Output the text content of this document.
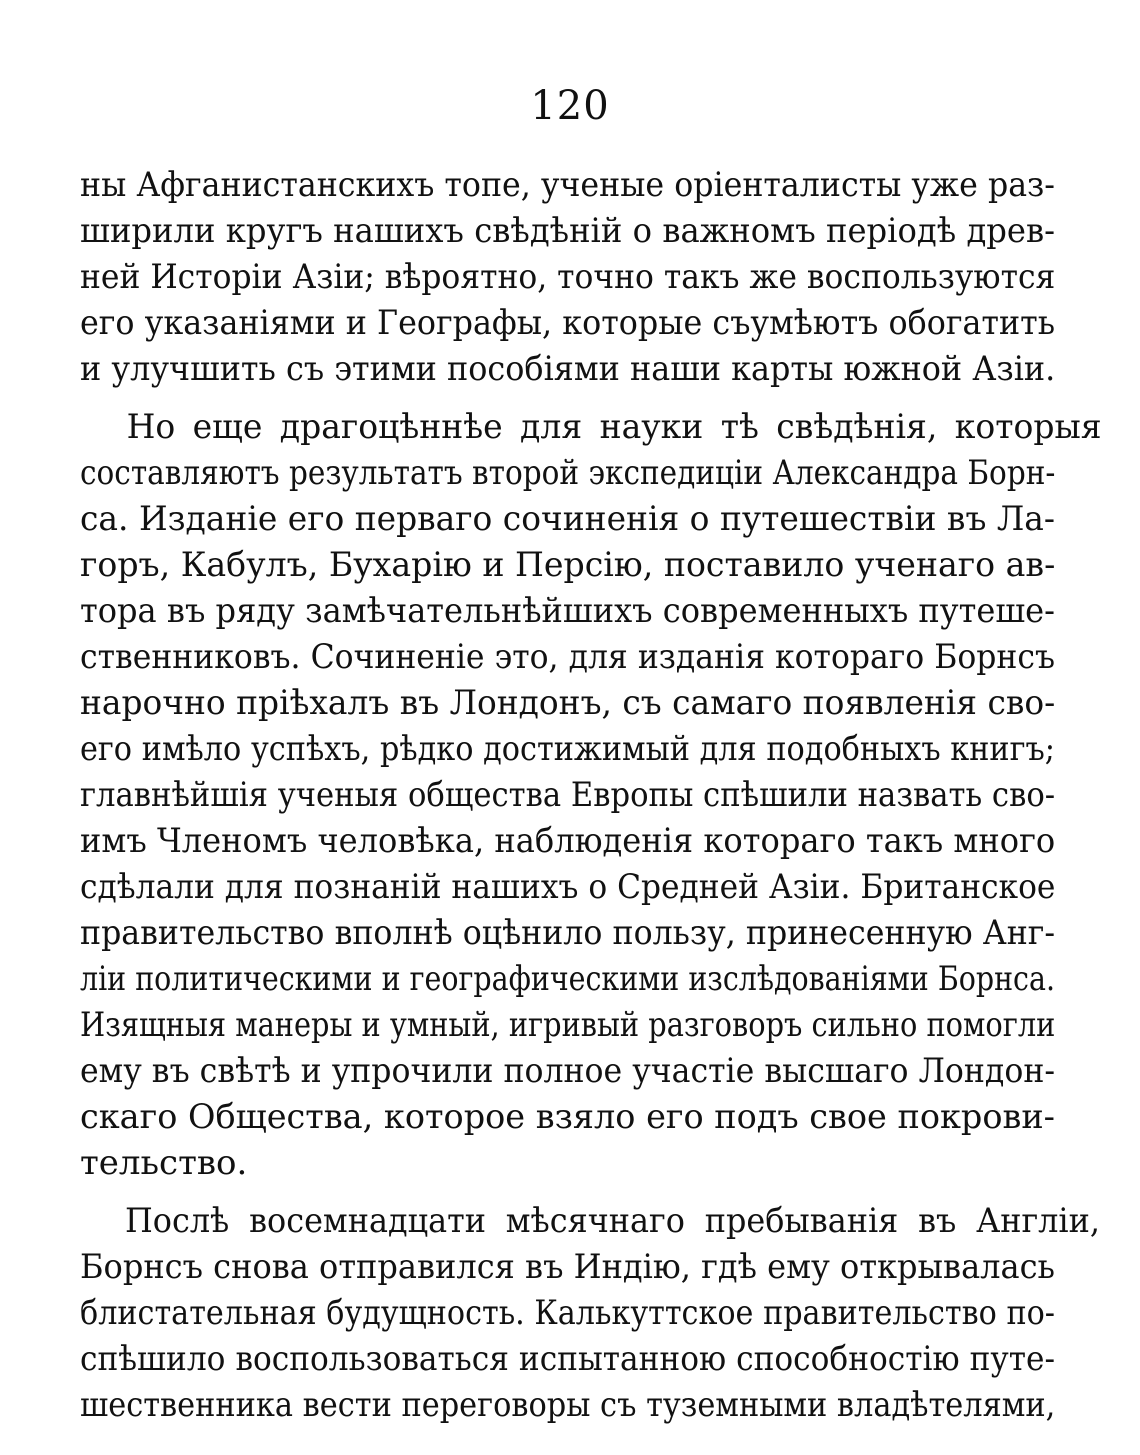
120
ны Афганистанскихъ топе, ученые оріенталисты уже раз-
ширили кругъ нашихъ свѣдѣній о важномъ періодѣ древ-
ней Исторіи Азіи; вѣроятно, точно такъ же воспользуются
его указаніями и Географы, которые съумѣютъ обогатить
и улучшить съ этими пособіями наши карты южной Азіи.
Но еще драгоцѣннѣе для науки тѣ свѣдѣнія, которыя
составляютъ результатъ второй экспедиціи Александра Борн-
са. Изданіе его перваго сочиненія о путешествіи въ Ла-
горъ, Кабулъ, Бухарію и Персію, поставило ученаго ав-
тора въ ряду замѣчательнѣйшихъ современныхъ путеше-
ственниковъ. Сочиненіе это, для изданія котораго Борнсъ
нарочно пріѣхалъ въ Лондонъ, съ самаго появленія сво-
его имѣло успѣхъ, рѣдко достижимый для подобныхъ книгъ;
главнѣйшія ученыя общества Европы спѣшили назвать сво-
имъ Членомъ человѣка, наблюденія котораго такъ много
сдѣлали для познаній нашихъ о Средней Азіи. Британское
правительство вполнѣ оцѣнило пользу, принесенную Анг-
ліи политическими и географическими изслѣдованіями Борнса.
Изящныя манеры и умный, игривый разговоръ сильно помогли
ему въ свѣтѣ и упрочили полное участіе высшаго Лондон-
скаго Общества, которое взяло его подъ свое покрови-
тельство.
Послѣ восемнадцати мѣсячнаго пребыванія въ Англіи,
Борнсъ снова отправился въ Индію, гдѣ ему открывалась
блистательная будущность. Калькуттское правительство по-
спѣшило воспользоваться испытанною способностію путе-
шественника вести переговоры съ туземными владѣтелями,
